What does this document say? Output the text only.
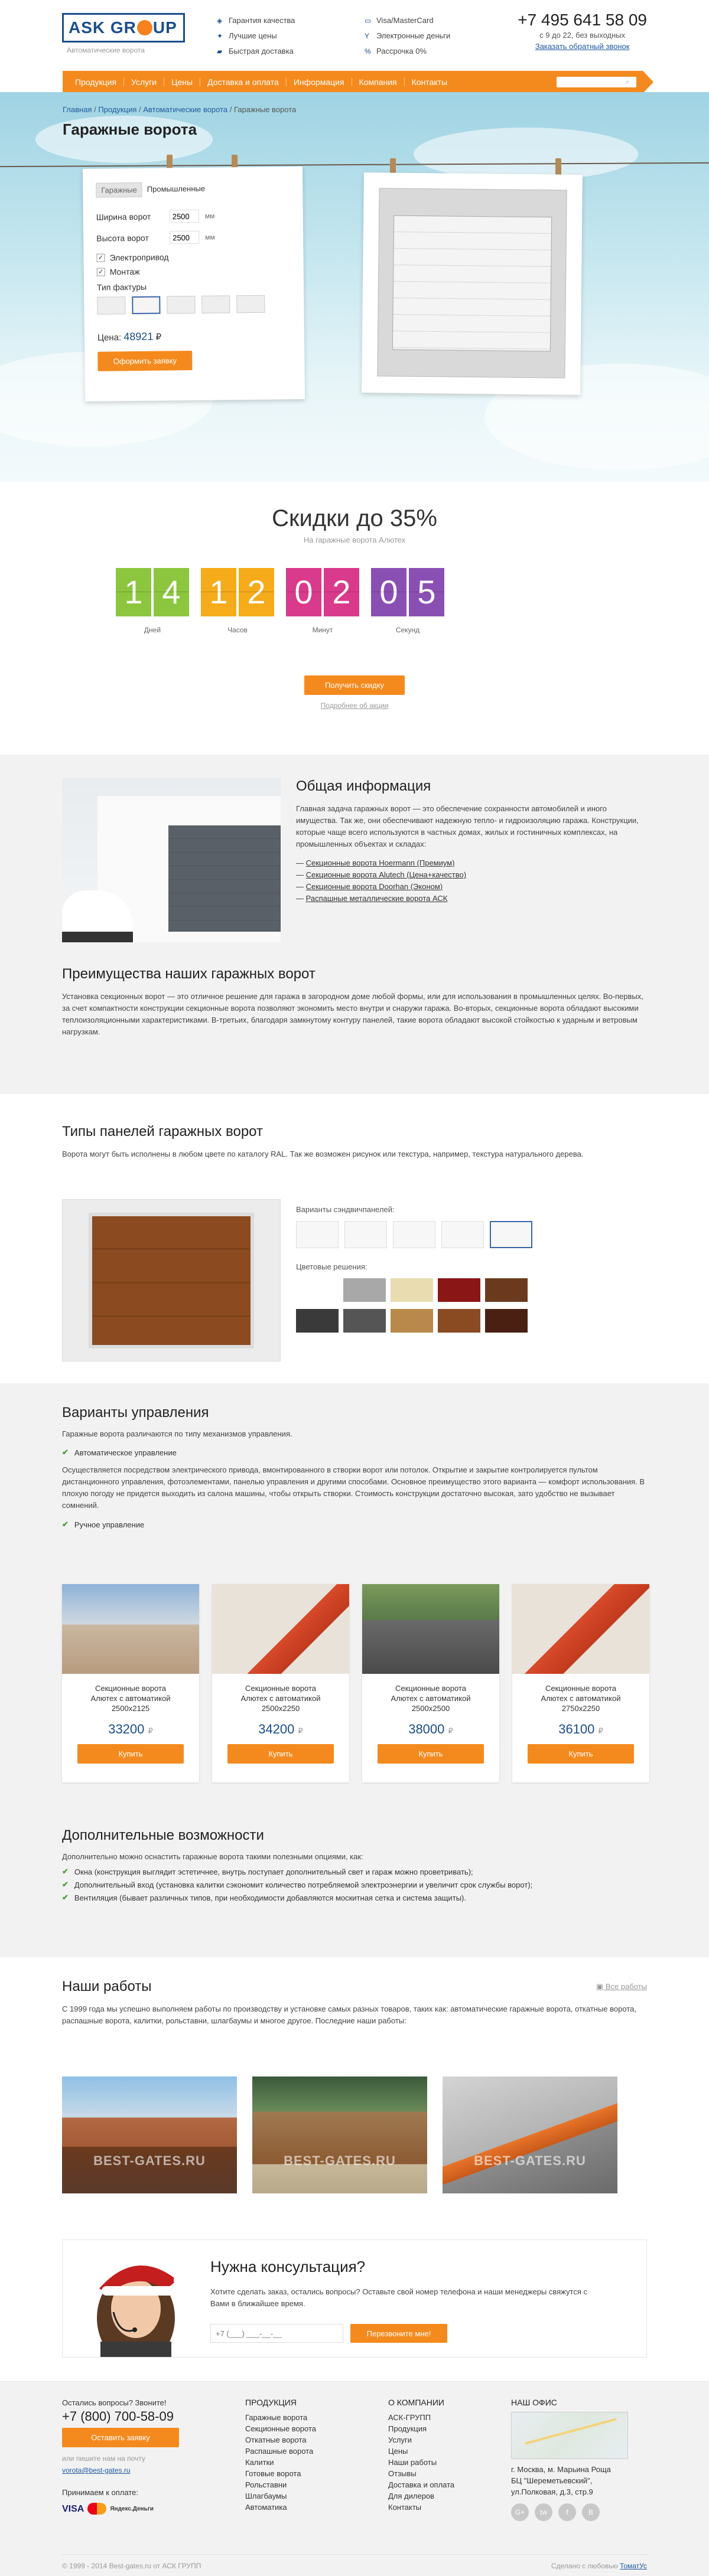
ASK GR UP
Автоматические ворота
◈ Гарантия качества
✦ Лучшие цены
▰ Быстрая доставка
▭ Visa/MasterCard
Y Электронные деньги
% Рассрочка 0%
+7 495 641 58 09
с 9 до 22, без выходных
Заказать обратный звонок
Продукция	Услуги	Цены	Доставка и оплата	Информация	Компания	Контакты	⌕
Главная / Продукция / Автоматические ворота / Гаражные ворота
Гаражные ворота
Гаражные	Промышленные
Ширина ворот
2500	мм
Высота ворот
2500	мм
✓ Электропривод
✓ Монтаж
Тип фактуры
Цена: 48921 ₽
Оформить заявку
Скидки до 35%
На гаражные ворота Алютех
1 4
Дней
1 2
Часов
0 2
Минут
0 5
Секунд
Получить скидку
Подробнее об акции
Общая информация

Главная задача гаражных ворот — это обеспечение сохранности автомобилей и иного имущества. Так же, они обеспечивают надежную тепло- и гидроизоляцию гаража. Конструкции, которые чаще всего используются в частных домах, жилых и гостиничных комплексах, на промышленных объектах и складах:

— Секционные ворота Hoermann (Премиум)
— Секционные ворота Alutech (Цена+качество)
— Секционные ворота Doorhan (Эконом)
— Распашные металлические ворота АСК
Преимущества наших гаражных ворот

Установка секционных ворот — это отличное решение для гаража в загородном доме любой формы, или для использования в промышленных целях. Во-первых, за счет компактности конструкции секционные ворота позволяют экономить место внутри и снаружи гаража. Во-вторых, секционные ворота обладают высокими теплоизоляционными характеристиками. В-третьих, благодаря замкнутому контуру панелей, такие ворота обладают высокой стойкостью к ударным и ветровым нагрузкам.

Типы панелей гаражных ворот

Ворота могут быть исполнены в любом цвете по каталогу RAL. Так же возможен рисунок или текстура, например, текстура натурального дерева.

Варианты сэндвичпанелей:
Цветовые решения:
Варианты управления

Гаражные ворота различаются по типу механизмов управления.

✔ Автоматическое управление
Осуществляется посредством электрического привода, вмонтированного в створки ворот или потолок. Открытие и закрытие контролируется пультом дистанционного управления, фотоэлементами, панелью управления и другими способами. Основное преимущество этого варианта — комфорт использования. В плохую погоду не придется выходить из салона машины, чтобы открыть створки. Стоимость конструкции достаточно высокая, зато удобство не вызывает сомнений.
✔ Ручное управление
Секционные ворота
Алютех с автоматикой
2500x2125
33200 ₽
Купить
Секционные ворота
Алютех с автоматикой
2500x2250
34200 ₽
Купить
Секционные ворота
Алютех с автоматикой
2500x2500
38000 ₽
Купить
Секционные ворота
Алютех с автоматикой
2750x2250
36100 ₽
Купить
Дополнительные возможности

Дополнительно можно оснастить гаражные ворота такими полезными опциями, как:

✔ Окна (конструкция выглядит эстетичнее, внутрь поступает дополнительный свет и гараж можно проветривать);
✔ Дополнительный вход (установка калитки сэкономит количество потребляемой электроэнергии и увеличит срок службы ворот);
✔ Вентиляция (бывает различных типов, при необходимости добавляются москитная сетка и система защиты).
Наши работы	▣ Все работы

С 1999 года мы успешно выполняем работы по производству и установке самых разных товаров, таких как: автоматические гаражные ворота, откатные ворота, распашные ворота, калитки, рольставни, шлагбаумы и многое другое. Последние наши работы:

BEST-GATES.RU	BEST-GATES.RU	BEST-GATES.RU
Нужна консультация?
Хотите сделать заказ, остались вопросы? Оставьте свой номер телефона и наши менеджеры свяжутся с Вами в ближайшее время.
+7 (___) ___-__-__
Перезвоните мне!
Остались вопросы? Звоните!
+7 (800) 700-58-09
Оставить заявку
или пишите нам на почту
vorota@best-gates.ru
Принимаем к оплате:
VISA	Яндекс.Деньги
ПРОДУКЦИЯ
Гаражные ворота
Секционные ворота
Откатные ворота
Распашные ворота
Калитки
Готовые ворота
Рольставни
Шлагбаумы
Автоматика
О КОМПАНИИ
АСК-ГРУПП
Продукция
Услуги
Цены
Наши работы
Отзывы
Доставка и оплата
Для дилеров
Контакты
НАШ ОФИС
г. Москва, м. Марьина Роща
БЦ "Шереметьевский",
ул.Полковая, д.3, стр.9
G+	tw	f	В
© 1999 - 2014 Best-gates.ru от АСК ГРУПП	Сделано с любовью ТоматУс
